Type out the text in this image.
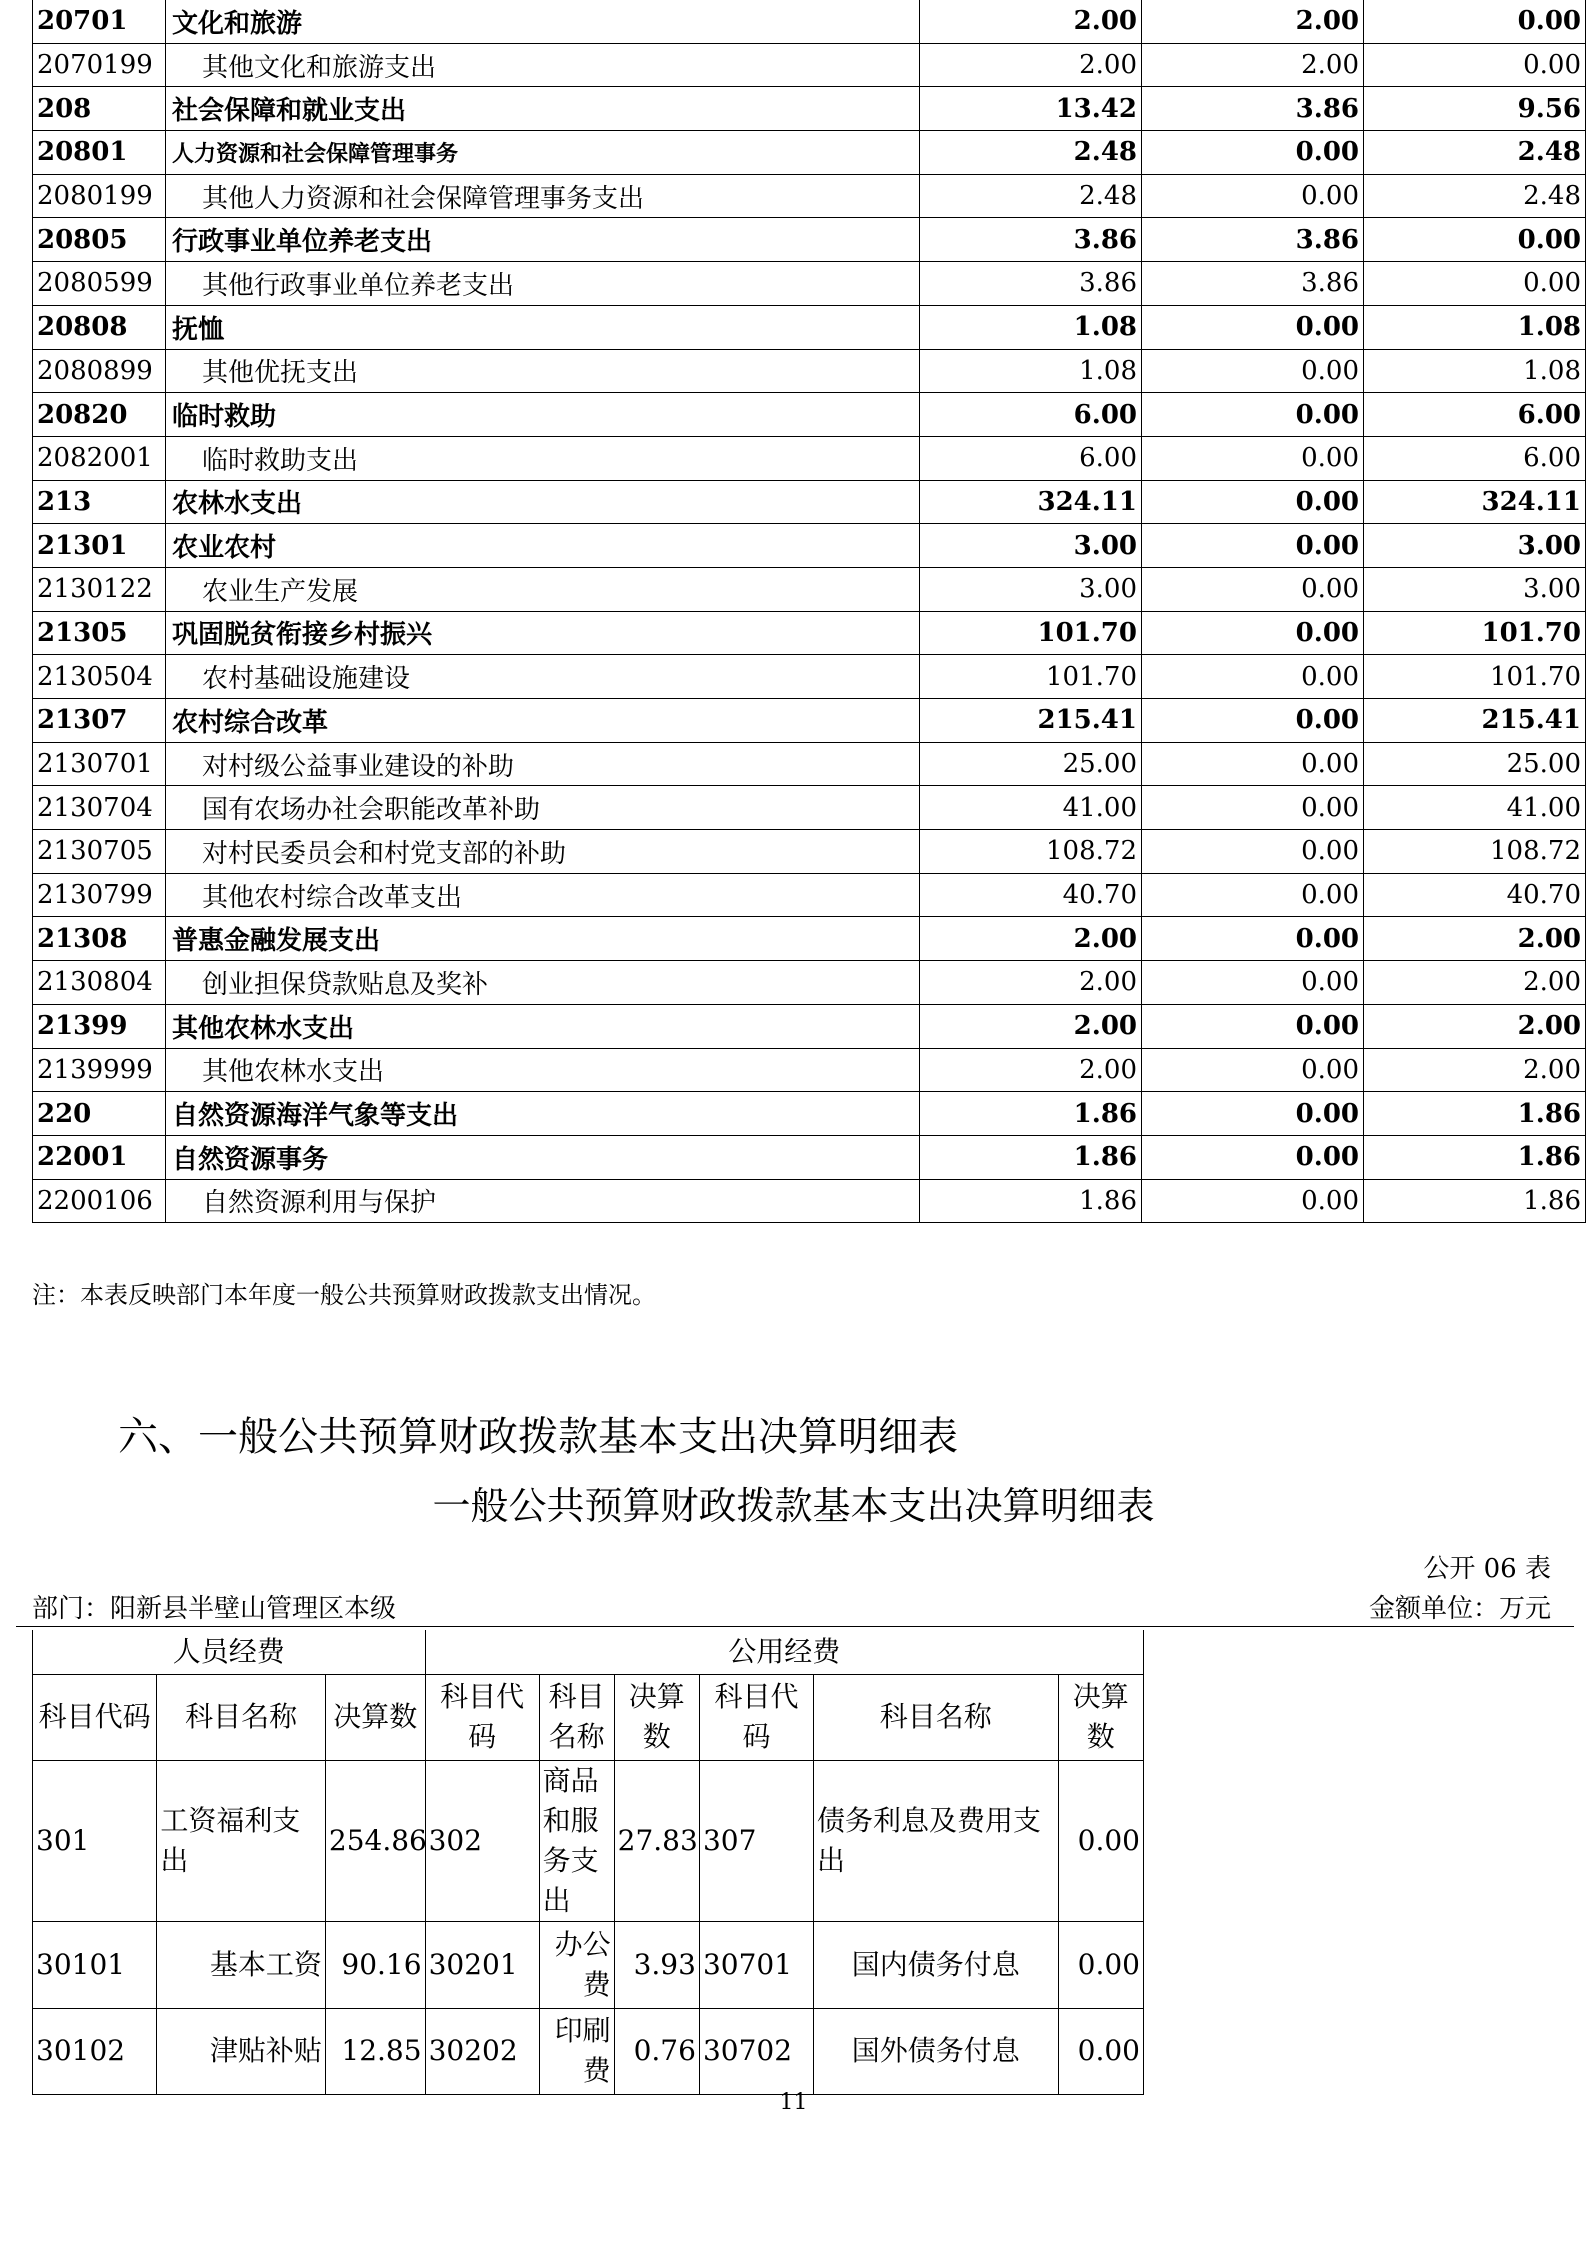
20701	文化和旅游	2.00	2.00	0.00
2070199	其他文化和旅游支出	2.00	2.00	0.00
208	社会保障和就业支出	13.42	3.86	9.56
20801	人力资源和社会保障管理事务	2.48	0.00	2.48
2080199	其他人力资源和社会保障管理事务支出	2.48	0.00	2.48
20805	行政事业单位养老支出	3.86	3.86	0.00
2080599	其他行政事业单位养老支出	3.86	3.86	0.00
20808	抚恤	1.08	0.00	1.08
2080899	其他优抚支出	1.08	0.00	1.08
20820	临时救助	6.00	0.00	6.00
2082001	临时救助支出	6.00	0.00	6.00
213	农林水支出	324.11	0.00	324.11
21301	农业农村	3.00	0.00	3.00
2130122	农业生产发展	3.00	0.00	3.00
21305	巩固脱贫衔接乡村振兴	101.70	0.00	101.70
2130504	农村基础设施建设	101.70	0.00	101.70
21307	农村综合改革	215.41	0.00	215.41
2130701	对村级公益事业建设的补助	25.00	0.00	25.00
2130704	国有农场办社会职能改革补助	41.00	0.00	41.00
2130705	对村民委员会和村党支部的补助	108.72	0.00	108.72
2130799	其他农村综合改革支出	40.70	0.00	40.70
21308	普惠金融发展支出	2.00	0.00	2.00
2130804	创业担保贷款贴息及奖补	2.00	0.00	2.00
21399	其他农林水支出	2.00	0.00	2.00
2139999	其他农林水支出	2.00	0.00	2.00
220	自然资源海洋气象等支出	1.86	0.00	1.86
22001	自然资源事务	1.86	0.00	1.86
2200106	自然资源利用与保护	1.86	0.00	1.86
注：本表反映部门本年度一般公共预算财政拨款支出情况。
六、一般公共预算财政拨款基本支出决算明细表
一般公共预算财政拨款基本支出决算明细表
公开 06 表
部门：阳新县半壁山管理区本级	金额单位：万元
人员经费			公用经费					
科目代码	科目名称	决算数	科目代码	科目名称	决算数	科目代码	科目名称	决算数
301	工资福利支出	254.86	302	商品和服务支出	27.83	307	债务利息及费用支出	0.00
30101	基本工资	90.16	30201	办公费	3.93	30701	国内债务付息	0.00
30102	津贴补贴	12.85	30202	印刷费	0.76	30702	国外债务付息	0.00
11
